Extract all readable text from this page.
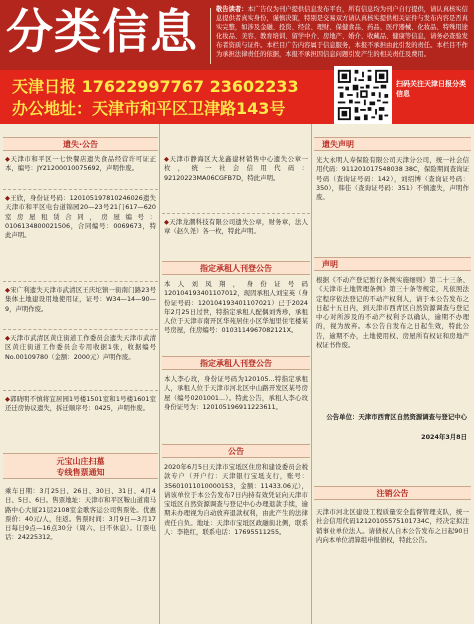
分类信息	敬告读者：本广告仅为刊户提供信息发布平台，所有信息均为刊户自行提供，请认真核实信息提供者真实身份，谨慎决策，特别是交易双方请认真核实提供相关证件与发布内容是否真实完整，如涉及金融、投资、经营、理财、保健食品、药品、医疗器械、化妆品、特殊用途化妆品、美容、教育培训、留学中介、房地产、婚介、收藏品、健康等信息，请务必查验发布者资质与证件。本栏目广告内容属于信息服务，本报不承担由此引发的责任。本栏目不作为承担法律责任的依据，本报不承担因信息问题引发产生的相关责任及费用。
天津日报 17622997767 23602233
办公地址：天津市和平区卫津路143号
扫码关注天津日报分类信息
遗失·公告
◆天津市和平区一七快餐店遗失食品经营许可证正本，编号：JY21200010075692，声明作废。
◆王欣，身份证号码：120105197810246026遗失天津市和平区电台道锦园20—23号21门617—620室房屋租赁合同，房屋编号：0106134800021506，合同编号：0069673，特此声明。
◆宋广利遗失天津市武清区王庆坨镇一街南门路23号集体土地建设用地使用证，证号：W34—14—90—9，声明作废。
◆天津市武清区黄庄街道工作委员会遗失天津市武清区黄庄街道工作委员会专用收据1张，收据编号No.00109780（金额：2000元）声明作废。
◆郭晓明不慎将宜居园1号楼1501室和1号楼1601室还迁房协议遗失，拆迁顺序号：0425，声明作废。
元宝山庄扫墓
专线售票通知
乘车日期：3月25日、26日、30日、31日、4月4日、5日、6日。售票地址：天津市和平区鞍山道南马路中心大厦21层2108室金歌客运公司售票处。优惠票价：40元/人，往返。售票时间：3月9日—3月17日每日9点—16点30分（周六、日不休息）。订票电话：24225312。
◆天津市静海区大龙鑫建材销售中心遗失公章一枚，统一社会信用代码：92120223MA06CGFB7D，特此声明。
◆天津龙潮科技有限公司遗失公章，财务章，法人章（赵久尧）各一枚，特此声明。
指定承租人刊登公告
本人刘凤翔，身份证号码120104193401107012，现因承租人刘宝英（身份证号码：120104193401107021）已于2024年2月25日过世，特指定承租人配偶刘秀珍，承租人位于天津市南开区华苑居住小区华旭里住宅楼某号房屋，住房编号：0103114967082121X。
指定承租人刊登公告
本人李心玫，身份证号码为120105...特指定承租人，承租人位于天津市河北区中山路开发区某号房屋（编号0201001...）。特此公告，承租人李心玫身份证号为：120105196911223611。
公告
2020年6月5日天津市宝坻区住房和建设委员会税款专户（开户行：天津银行宝坻支行，账号：35601011010000153，金额：11433.06元），请该单位于本公告发布7日内持有效凭证向天津市宝坻区自然资源调查与登记中心办理退款手续，逾期未办理视为自动放弃退款权利，由此产生的法律责任自负。地址：天津市宝坻区政融街北侧，联系人：李艳红，联系电话：17695511255。
遗失声明
光大永明人寿保险有限公司天津分公司，统一社会信用代码：911201017548038 38C，保险期间查询证号码（查询证号码：142），刘绍博（查询证号码：350），韩佳（查询证号码：351）不慎遗失，声明作废。
声明
根据《不动产登记暂行条例实施细则》第二十三条、《天津市土地管理条例》第三十条等规定，凡依照法定程序依法登记的不动产权利人，请于本公告发布之日起十五日内，到天津市西青区自然资源调查与登记中心对所涉及的不动产权利予以确认，逾期不办理的，视为放弃。本公告自发布之日起生效，特此公告，逾期不办，土地使用权、房屋所有权证和房地产权证书作废。
公告单位：天津市西青区自然资源调查与登记中心
2024年3月8日
注销公告
天津市河北区建设工程质量安全监督管理支队，统一社会信用代码12120105575101734C，经决定拟注销事业单位法人。请债权人自本公告发布之日起90日内向本单位清算组申报债权，特此公告。
